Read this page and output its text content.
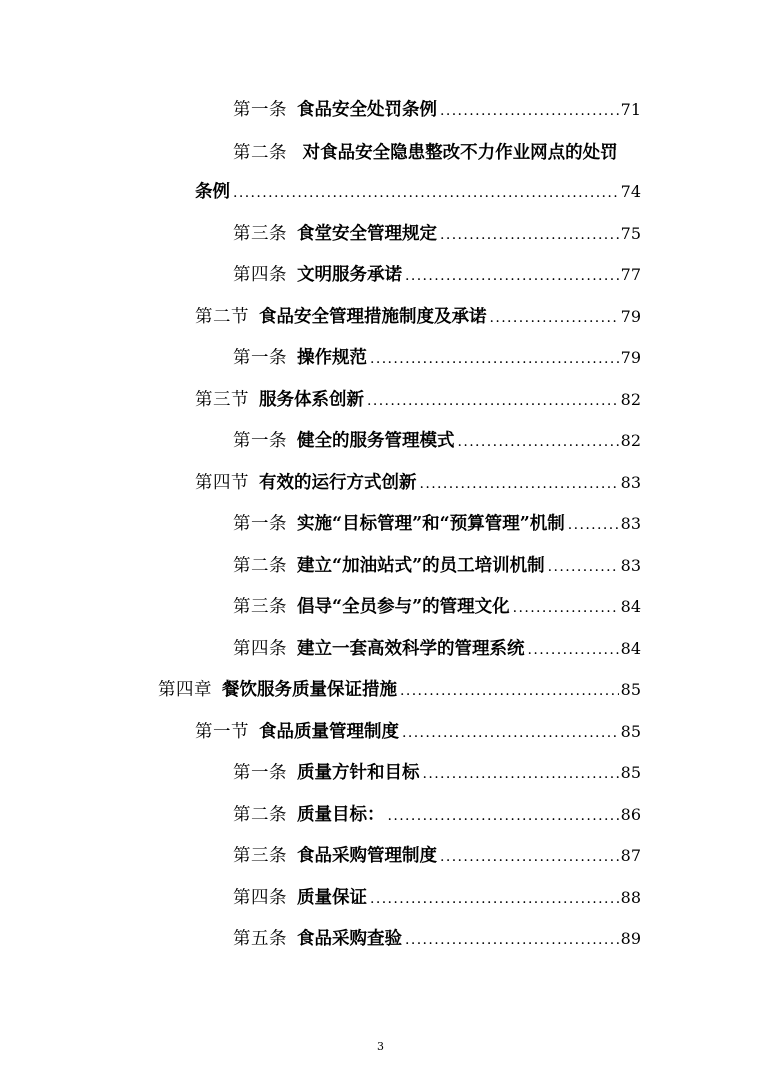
第一条 食品安全处罚条例 .....	71
第二条 对食品安全隐患整改不力作业网点的处罚
条例 .....	74
第三条 食堂安全管理规定 .....	75
第四条 文明服务承诺 .....	77
第二节 食品安全管理措施制度及承诺 .....	79
第一条 操作规范 .....	79
第三节 服务体系创新 .....	82
第一条 健全的服务管理模式 .....	82
第四节 有效的运行方式创新 .....	83
第一条 实施“目标管理”和“预算管理”机制 .....	83
第二条 建立“加油站式”的员工培训机制 .....	83
第三条 倡导“全员参与”的管理文化 .....	84
第四条 建立一套高效科学的管理系统 .....	84
第四章 餐饮服务质量保证措施 .....	85
第一节 食品质量管理制度 .....	85
第一条 质量方针和目标 .....	85
第二条 质量目标： .....	86
第三条 食品采购管理制度 .....	87
第四条 质量保证 .....	88
第五条 食品采购查验 .....	89
3
